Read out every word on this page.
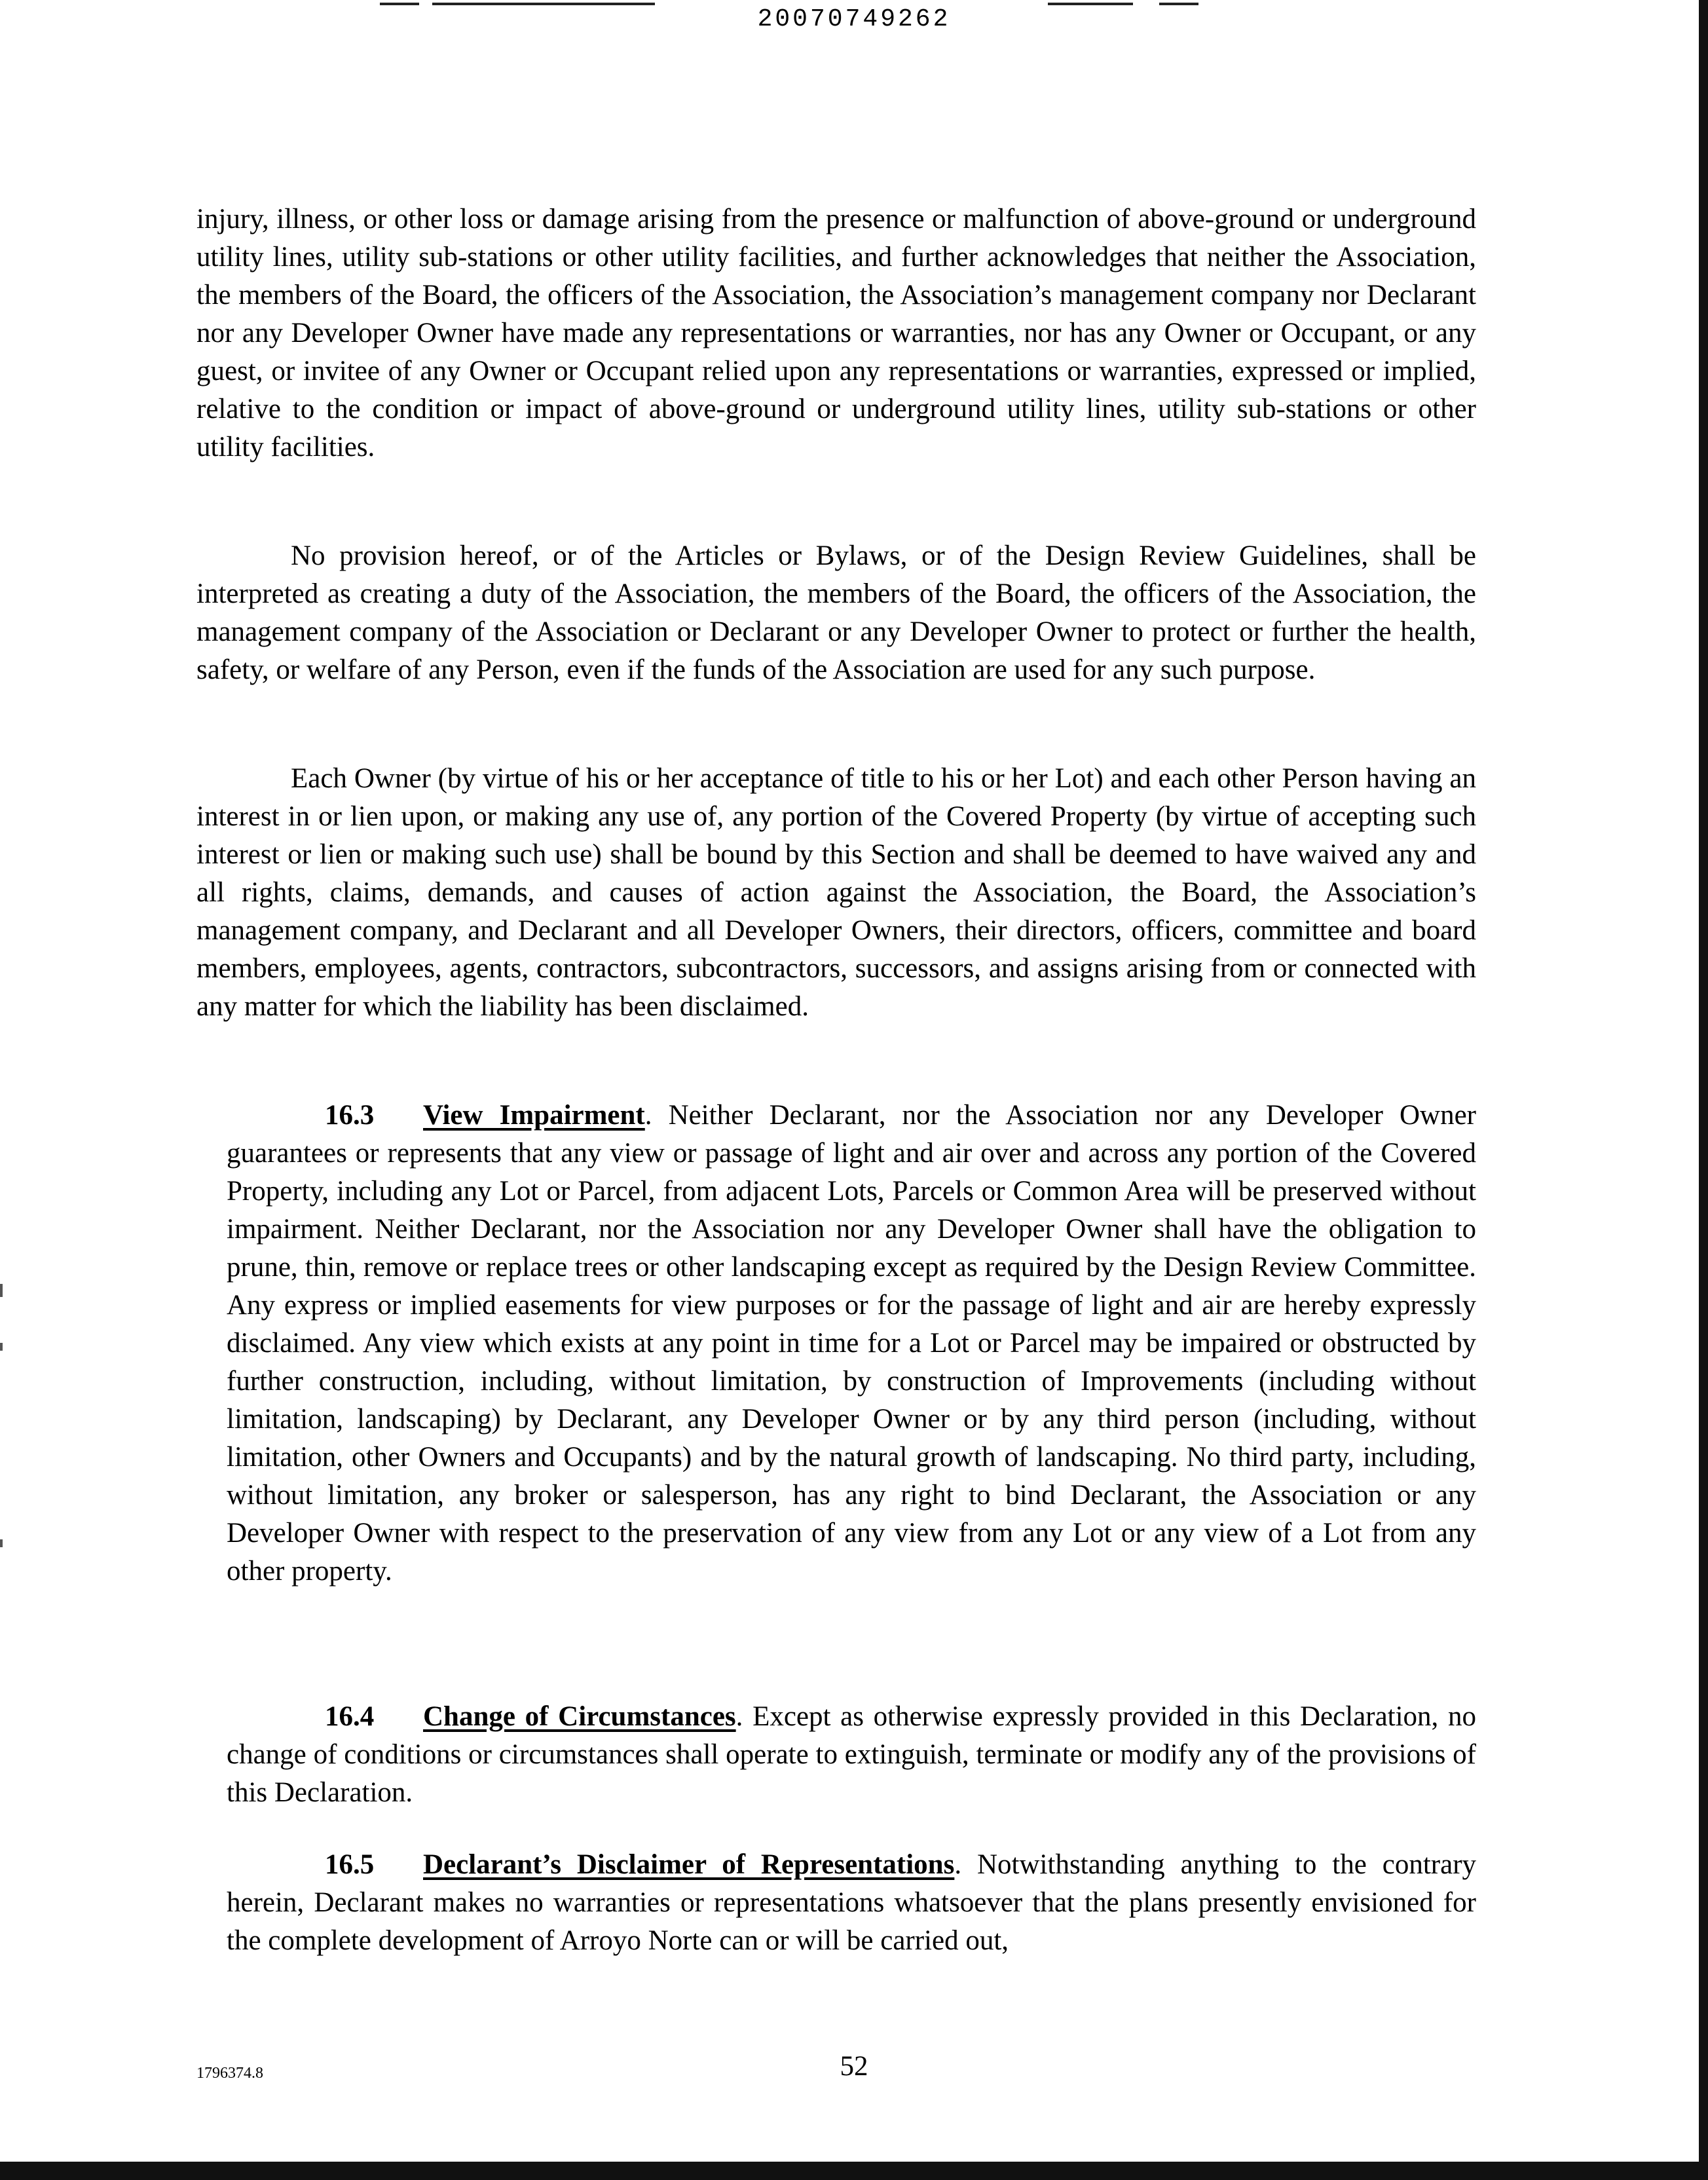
20070749262

injury, illness, or other loss or damage arising from the presence or malfunction of above-ground or underground utility lines, utility sub-stations or other utility facilities, and further acknowledges that neither the Association, the members of the Board, the officers of the Association, the Association’s management company nor Declarant nor any Developer Owner have made any representations or warranties, nor has any Owner or Occupant, or any guest, or invitee of any Owner or Occupant relied upon any representations or warranties, expressed or implied, relative to the condition or impact of above-ground or underground utility lines, utility sub-stations or other utility facilities.

No provision hereof, or of the Articles or Bylaws, or of the Design Review Guidelines, shall be interpreted as creating a duty of the Association, the members of the Board, the officers of the Association, the management company of the Association or Declarant or any Developer Owner to protect or further the health, safety, or welfare of any Person, even if the funds of the Association are used for any such purpose.

Each Owner (by virtue of his or her acceptance of title to his or her Lot) and each other Person having an interest in or lien upon, or making any use of, any portion of the Covered Property (by virtue of accepting such interest or lien or making such use) shall be bound by this Section and shall be deemed to have waived any and all rights, claims, demands, and causes of action against the Association, the Board, the Association’s management company, and Declarant and all Developer Owners, their directors, officers, committee and board members, employees, agents, contractors, subcontractors, successors, and assigns arising from or connected with any matter for which the liability has been disclaimed.

16.3 View Impairment. Neither Declarant, nor the Association nor any Developer Owner guarantees or represents that any view or passage of light and air over and across any portion of the Covered Property, including any Lot or Parcel, from adjacent Lots, Parcels or Common Area will be preserved without impairment. Neither Declarant, nor the Association nor any Developer Owner shall have the obligation to prune, thin, remove or replace trees or other landscaping except as required by the Design Review Committee. Any express or implied easements for view purposes or for the passage of light and air are hereby expressly disclaimed. Any view which exists at any point in time for a Lot or Parcel may be impaired or obstructed by further construction, including, without limitation, by construction of Improvements (including without limitation, landscaping) by Declarant, any Developer Owner or by any third person (including, without limitation, other Owners and Occupants) and by the natural growth of landscaping. No third party, including, without limitation, any broker or salesperson, has any right to bind Declarant, the Association or any Developer Owner with respect to the preservation of any view from any Lot or any view of a Lot from any other property.

16.4 Change of Circumstances. Except as otherwise expressly provided in this Declaration, no change of conditions or circumstances shall operate to extinguish, terminate or modify any of the provisions of this Declaration.

16.5 Declarant’s Disclaimer of Representations. Notwithstanding anything to the contrary herein, Declarant makes no warranties or representations whatsoever that the plans presently envisioned for the complete development of Arroyo Norte can or will be carried out,

1796374.8	52
